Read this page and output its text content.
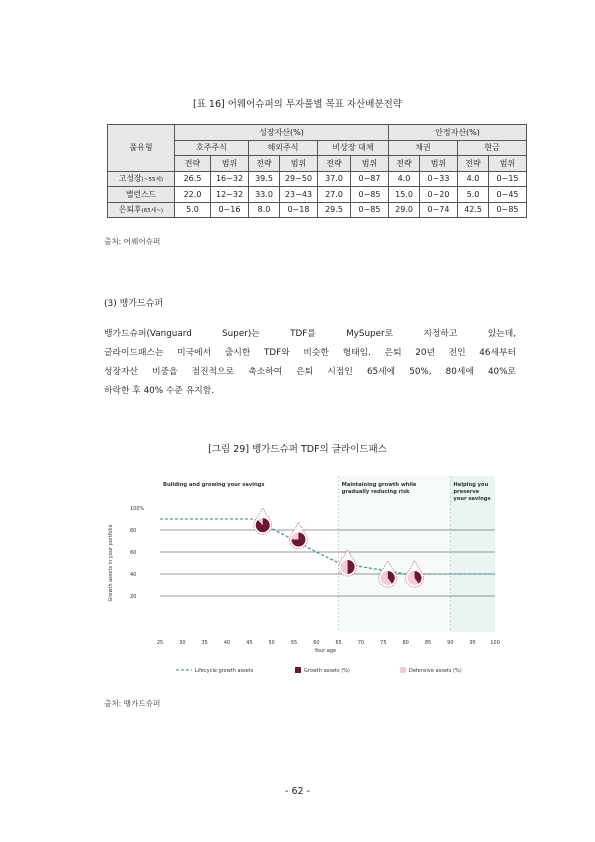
[표 16] 어웨어슈퍼의 투자풀별 목표 자산배분전략
풀유형	성장자산(%)						안정자산(%)			
	호주주식		해외주식		비상장 대체		채권		현금	
	전략	범위	전략	범위	전략	범위	전략	범위	전략	범위
고성장(~55세)	26.5	16~32	39.5	29~50	37.0	0~87	4.0	0~33	4.0	0~15
밸런스드	22.0	12~32	33.0	23~43	27.0	0~85	15.0	0~20	5.0	0~45
은퇴후(65세~)	5.0	0~16	8.0	0~18	29.5	0~85	29.0	0~74	42.5	0~85
출처: 어웨어슈퍼
(3) 뱅가드슈퍼
뱅가드슈퍼(Vanguard Super)는 TDF를 MySuper로 지정하고 있는데,
글라이드패스는 미국에서 출시한 TDF와 비슷한 형태임. 은퇴 20년 전인 46세부터
성장자산 비중을 점진적으로 축소하여 은퇴 시점인 65세에 50%, 80세에 40%로
하락한 후 40% 수준 유지함.
[그림 29] 뱅가드슈퍼 TDF의 글라이드패스
Building and growing your savings	Maintaining growth while
gradually reducing risk
Helping you
preserve
your savings
100%
80
60
40
20
25	30	35	40	45	50	55	60	65	70	75	80	85	90	95	100
Your age
Growth assets in your portfolio
Lifecycle growth assets	Growth assets (%)	Defensive assets (%)
출처: 뱅가드슈퍼
- 62 -
